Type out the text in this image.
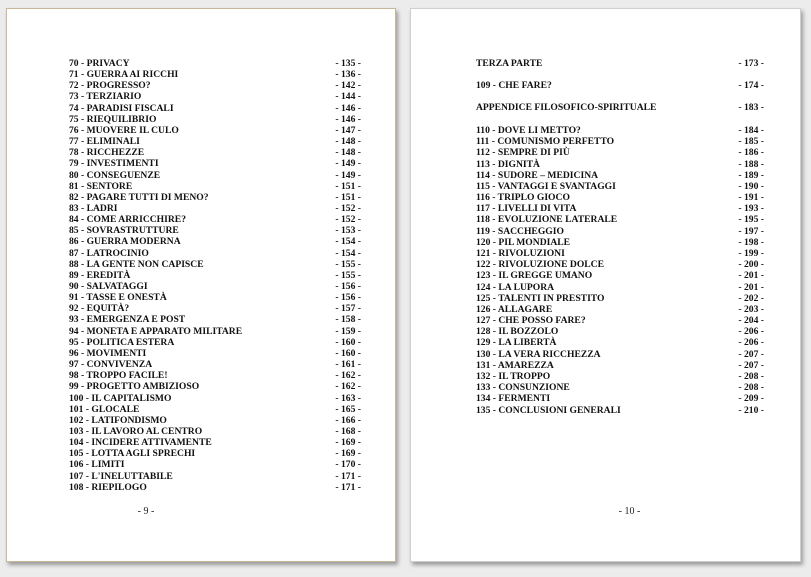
70 - PRIVACY	- 135 -
71 - GUERRA AI RICCHI	- 136 -
72 - PROGRESSO?	- 142 -
73 - TERZIARIO	- 144 -
74 - PARADISI FISCALI	- 146 -
75 - RIEQUILIBRIO	- 146 -
76 - MUOVERE IL CULO	- 147 -
77 - ELIMINALI	- 148 -
78 - RICCHEZZE	- 148 -
79 - INVESTIMENTI	- 149 -
80 - CONSEGUENZE	- 149 -
81 - SENTORE	- 151 -
82 - PAGARE TUTTI DI MENO?	- 151 -
83 - LADRI	- 152 -
84 - COME ARRICCHIRE?	- 152 -
85 - SOVRASTRUTTURE	- 153 -
86 - GUERRA MODERNA	- 154 -
87 - LATROCINIO	- 154 -
88 - LA GENTE NON CAPISCE	- 155 -
89 - EREDITÀ	- 155 -
90 - SALVATAGGI	- 156 -
91 - TASSE E ONESTÀ	- 156 -
92 - EQUITÀ?	- 157 -
93 - EMERGENZA E POST	- 158 -
94 - MONETA E APPARATO MILITARE	- 159 -
95 - POLITICA ESTERA	- 160 -
96 - MOVIMENTI	- 160 -
97 - CONVIVENZA	- 161 -
98 - TROPPO FACILE!	- 162 -
99 - PROGETTO AMBIZIOSO	- 162 -
100 - IL CAPITALISMO	- 163 -
101 - GLOCALE	- 165 -
102 - LATIFONDISMO	- 166 -
103 - IL LAVORO AL CENTRO	- 168 -
104 - INCIDERE ATTIVAMENTE	- 169 -
105 - LOTTA AGLI SPRECHI	- 169 -
106 - LIMITI	- 170 -
107 - L'INELUTTABILE	- 171 -
108 - RIEPILOGO	- 171 -
- 9 -
TERZA PARTE	- 173 -
109 - CHE FARE?	- 174 -
APPENDICE FILOSOFICO-SPIRITUALE	- 183 -
110 - DOVE LI METTO?	- 184 -
111 - COMUNISMO PERFETTO	- 185 -
112 - SEMPRE DI PIÙ	- 186 -
113 - DIGNITÀ	- 188 -
114 - SUDORE – MEDICINA	- 189 -
115 - VANTAGGI E SVANTAGGI	- 190 -
116 - TRIPLO GIOCO	- 191 -
117 - LIVELLI DI VITA	- 193 -
118 - EVOLUZIONE LATERALE	- 195 -
119 - SACCHEGGIO	- 197 -
120 - PIL MONDIALE	- 198 -
121 - RIVOLUZIONI	- 199 -
122 - RIVOLUZIONE DOLCE	- 200 -
123 - IL GREGGE UMANO	- 201 -
124 - LA LUPORA	- 201 -
125 - TALENTI IN PRESTITO	- 202 -
126 - ALLAGARE	- 203 -
127 - CHE POSSO FARE?	- 204 -
128 - IL BOZZOLO	- 206 -
129 - LA LIBERTÀ	- 206 -
130 - LA VERA RICCHEZZA	- 207 -
131 - AMAREZZA	- 207 -
132 - IL TROPPO	- 208 -
133 - CONSUNZIONE	- 208 -
134 - FERMENTI	- 209 -
135 - CONCLUSIONI GENERALI	- 210 -
- 10 -
